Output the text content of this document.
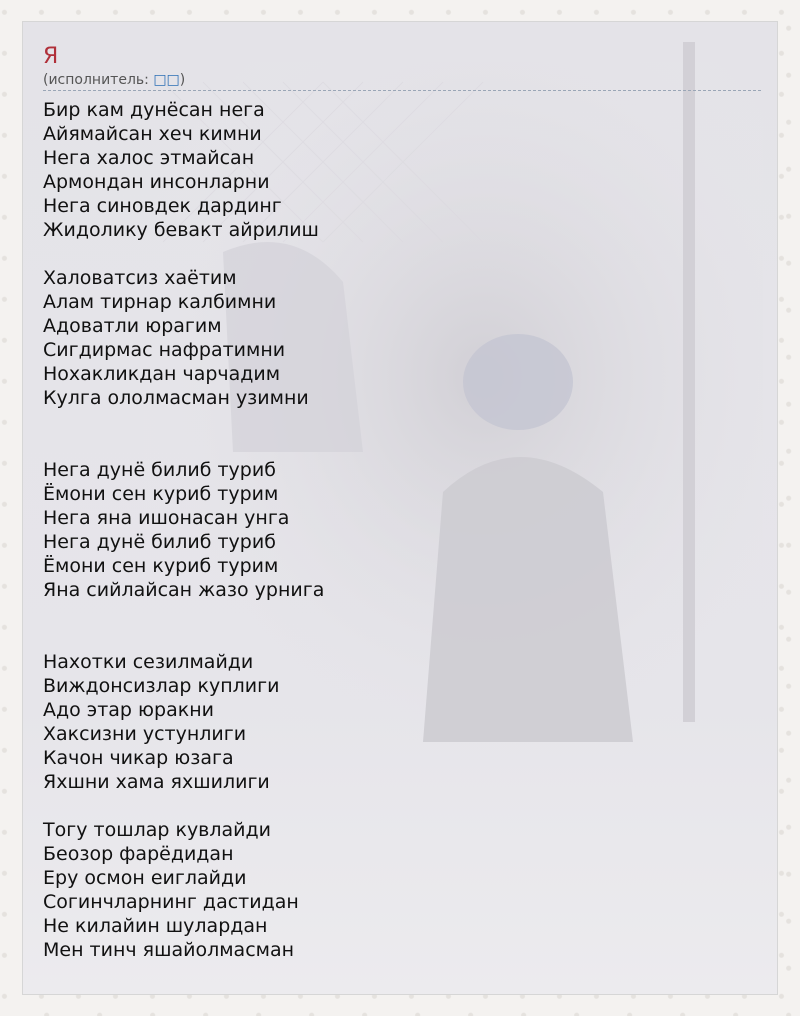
Я
(исполнитель: □□)
Бир кам дунёсан нега
Айямайсан хеч кимни
Нега халос этмайсан
Армондан инсонларни
Нега синовдек дардинг
Жидолику бевакт айрилиш
Халоватсиз хаётим
Алам тирнар калбимни
Адоватли юрагим
Сигдирмас нафратимни
Нохакликдан чарчадим
Кулга ололмасман узимни
Нега дунё билиб туриб
Ёмони сен куриб турим
Нега яна ишонасан унга
Нега дунё билиб туриб
Ёмони сен куриб турим
Яна сийлайсан жазо урнига
Нахотки сезилмайди
Виждонсизлар куплиги
Адо этар юракни
Хаксизни устунлиги
Качон чикар юзага
Яхшни хама яхшилиги
Тогу тошлар кувлайди
Беозор фарёдидан
Еру осмон еиглайди
Согинчларнинг дастидан
Не килайин шулардан
Мен тинч яшайолмасман
